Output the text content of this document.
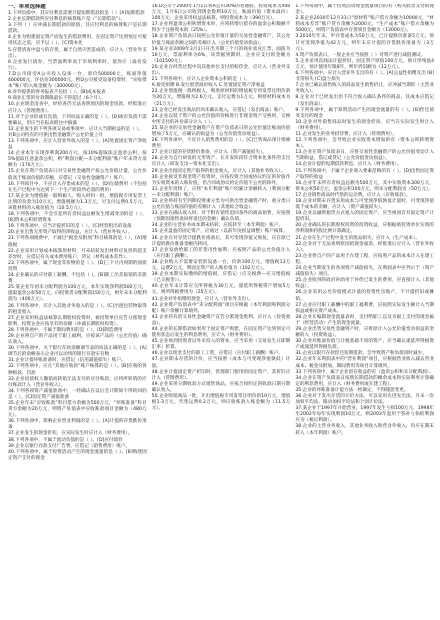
一、单项选择题

1.下列负债中，其应付利息需要计提短期借款的是（ ）[A]短期借款

2.企业长期借款所应付利息的核算账户是（“长期借款”）。

3.下列（ ）应冲减长期借款的原值，其应付利息的核算账户是长期借款。

4.企业为购建固定资产而发生的借款费用，在固定资产达到预定可使用状态之前，应予以（ ）。[C]资本化

5.存货清查中盘亏的存货，属于自然灾害造成的，应计入（营业外支出）。

6.企业发行债券，当票面利率高于市场利率时，债券应（溢价发行）。

7.D公司接受A公司投入设备一台，原价500000元，账面净值400000元，评估价300000元，则D公司接受设备投资时，“实收资本”账户的入账金额为（300000元）。

8.对外提供的财务报表不包括（ ）。[B]成本报表

9.商业汇票的付款期限最长不得超过（6个月）。

10.企业现金清查中，经检查仍无法查明原因的现金短款，经批准后应计入（管理费用）。

11.对于企业的或有负债，下列说法正确的是（ ）。[D]或有负债不需要确认，但应当在报表附注中披露

12.企业发生的下列各项交易或事项中，应计入当期损益的是（ ）。

对B公司持有的可供出售金融资产公允价值上升

13.下列各项中，应计入营业外收入的是（ ）。[A]处置固定资产净收益

14.企业本年实现净利润200万元，按10%提取法定盈余公积，按5%提取任意盈余公积，则“利润分配—未分配利润”账户年末贷方余额为（170万元）。

15.企业在资产负债表日对交易性金融资产按公允价值计量，公允价值高于账面价值的差额，应借记（交易性金融资产）账户。

16.下列项目中，不应计入存货成本的是（ ）。[D]仓储费用（不包括在生产过程中为达到下一个生产阶段所必需的费用）

17.某企业为增值税一般纳税人，购入材料一批，增值税专用发票上注明的价款为10万元，增值税额为1.3万元，另支付运费0.5万元，该批材料的入账价值为（10.5万元）。

18.下列各项中，不会引起所有者权益总额发生增减变动的是（ ）。[B]资本公积转增资本

19.下列各项中，应当计提折旧的是（ ）。[C]经营租出的设备

20.企业出售无形资产取得的净收益，应计入（营业外收入）。

21.下列各项税费中，不通过“税金及附加”科目核算的是（ ）。[A]增值税

22.企业采用计划成本核算原材料，月末结转发出材料应负担的超支差异时，应借记有关成本费用账户，贷记（材料成本差异）。

23.下列各项中，属于现金等价物的是（ ）。[D]三个月内到期的国债投资

24.企业确认的应付职工薪酬，不包括（ ）。[B]职工出差报销的差旅费

25.某企业年初未分配利润为100万元，本年实现净利润500万元，提取盈余公积50万元，向投资者分配利润150万元，则年末未分配利润为（400万元）。

26.下列各项中，应计入其他业务收入的是（ ）。[C]出租包装物取得的租金收入

27.企业采用权益法核算长期股权投资时，被投资单位宣告分派现金股利，投资企业应按享有的份额（冲减长期股权投资）。

28.下列各项中，不属于期间费用的是（ ）。[D]制造费用

29.企业将自产的产品用于职工福利，应按该产品的（公允价值）确认收入。

30.下列各项中，关于银行存款余额调节表的说法正确的是（ ）。[A]调节后的余额表示企业可以动用的银行存款实有数

31.企业计提坏账准备时，应借记（信用减值损失）账户。

32.下列各项中，应在“其他应收款”账户核算的是（ ）。[B]应收的各种赔款、罚款

33.企业因债权人撤销而转销无法支付的应付账款，应将所转销的应付账款计入（营业外收入）。

34.下列各项资产减值准备中，一经确认在以后会计期间不得转回的是（ ）。[C]固定资产减值准备

35.企业年末“应收账款”科目借方余额为500万元，“坏账准备”科目贷方余额为20万元，则资产负债表中应收账款项目金额为（480万元）。

36.下列各项中，影响企业营业利润的是（ ）。[A]计提的存货跌价准备

37.企业发生的现金折扣，在实际发生时应计入（财务费用）。

38.下列各项中，不属于流动负债的是（ ）。[D]应付债券

39.企业以银行存款支付广告费，应借记（销售费用）账户。

40.下列各项中，属于投资活动产生的现金流量的是（ ）。[B]购建固定资产支付的现金

16.D公司于2000年1月1日将A公司30%的普通股，投资成本为400万元，1月6日公司收到现金股利10万元，账面价值（资本溢价）100万元，企业采用权益法核算，则投资成本为（390万元）。

17.企业将盈余公积转增资本时，应将转增后留存的盈余公积数额不得少于注册资本的（25%）。

18.企业资产负债表日按照公允价值计量的交易性金融资产，其公允价值与账面余额之间的差额计入（公允价值变动损益）。

19.某企业2009年3月1日开出为期三个月的商业承兑汇票，面值为10万元，票面利率为6%，该票据到期时，企业应支付的金额为（101500元）。

20.企业在经营过程中向其他单位支付的赔偿金，应计入（营业外支出）。

21.下列各项中，应计入企业资本公积的是（ ）。

A.接受捐赠 B.发行股票溢价收入 C.处置固定资产净收益

22.企业增值税一般纳税人，购进原材料的增值税专用发票注明价款为20万元，增值税为2.6万元，支付运费为1万元，则原材料成本为（21万元）。

23.企业已经发出商品但尚未确认收入，应借记（发出商品）账户。

24.企业以低于资产的公允价值的价格进行非现金资产交换时，交换中所支付的补价部分计入（ ）。

25.某企业的交易性金融资产在资产负债表日的公允价值比账面价值增加了5万元，应确认的损益为（公允价值变动收益）。

26.下列各项中，不应计入销售费用的是（ ）。[C]已售商品预计保修费用

27.企业计提的存货跌价准备，应计入（资产减值损失）。

28.企业为自行研发的无形资产，在开发阶段符合资本化条件的支出应计入（研发支出—资本化支出）。

29.企业出租固定资产取得的租金收入，应计入（其他业务收入）。

30.企业接受非现金资产投资时，应按投资合同或协议约定的价值作为实收资本的入账价值，但合同或协议约定价值不公允的除外。

31.企业年度终了，应将“本年利润”账户的累计余额转入（利润分配—未分配利润）账户。

32.企业将持有至到期投资重分类为可供出售金融资产时，重分类日公允价值与账面价值的差额计入（其他综合收益）。

33.企业在确认收入时，对于附有销售退回条件的商品销售，应按照（预期因销售退回将退还的金额）确认负债。

34.企业的主营业务成本期末结转，应结转至（本年利润）账户。

35.企业盘盈的固定资产，应通过（以前年度损益调整）账户核算。

36.企业在对存货计提跌价准备后，其可变现净值又恢复，应在原已计提的跌价准备金额内转回。

37.企业发放给职工的非货币性福利，应按照产品的公允价值计入（应付职工薪酬）。

38.企业购入不需要安装的设备一台，价款100万元，增值税13万元，运费2万元，则固定资产的入账价值为（102万元）。

39.企业本期实际缴纳的增值税，应借记（应交税费—应交增值税（已交税金））。

40.企业年末计算应交所得税为30万元，递延所得税资产增加5万元，则所得税费用为（25万元）。

41.企业对外捐赠的现金，应计入（营业外支出）。

42.企业资产负债表中“未分配利润”项目应根据（本年利润和利润分配）账户余额计算填列。

43.企业持有的交易性金融资产宣告分派现金股利，应计入（投资收益）。

44.企业的长期借款如果用于固定资产购建，在固定资产达到预定可使用状态后发生的利息费用，应计入（财务费用）。

45.企业收到投资者以外币投入的资本，应当采用（交易发生日即期汇率）折算。

46.企业以现金支付的职工工资，应借记（应付职工薪酬）账户。

47.企业期末存货的计价，应当按照（成本与可变现净值孰低）计量。

48.企业计提固定资产折旧时，管理部门使用的固定资产，其折旧应计入（管理费用）。

49.企业采用分期收款方式销售商品，应按合同约定的收款日期分期确认收入。

50.企业赊销商品一批，开出增值税专用发票注明价款10万元，增值税1.3万元，代垫运费0.2万元，则应收账款入账金额为（11.5万元）。

1.下列每项中，属于投资活动现金流量项目的有（购买股票支付的现金）。

2.某企业2010年12月31日“原材料”账户借方余额为10000元，“材料成本差异”账户贷方余额为2000元，“生产成本”账户借方余额为5000元，则资产负债表中存货项目金额为（13000元）。

3.2010年年末，甲存货成本为50万元，已计提跌价准备5万元，预计可变现净值为42万元，则年末应计提的存货跌价准备为（3万元）。

4.资产负债表日，一般企业应当按照（ ）对资产进行减值测试。

5.企业采用直线法计提折旧，固定资产原值100万元，预计净残值4万元，预计使用年限8年，则年折旧额为（12万元）。

6.下列各项中，应计入营业外支出的有（ ）。[A]公益性捐赠支出 [B]非常损失 [C]盘亏损失

7.企业已确认销售收入的商品发生销售折让，应冲减当期的（主营业务收入）。

8.企业对于已经发出但不符合收入确认条件的商品，其成本应借记（发出商品）。

9.下列各项中，属于筹资活动产生的现金流量的有（ ）。[B]偿还债务支付的现金

10.企业对外销售商品时发生的现金折扣，应当在实际发生时计入（财务费用）。

11.企业发生的业务招待费，应计入（管理费用）。

12.下列各项中，会导致企业实收资本增加的有（资本公积转增资本）。

13.企业在资产负债表日，应将交易性金融资产的公允价值变动计入当期损益，借记或贷记（公允价值变动损益）。

14.企业计提的短期借款利息，应计入（财务费用）。

15.下列各项中，不属于企业收入要素范畴的有（ ）。[D]出售固定资产取得的收益

16.企业年末所有者权益总额为500万元，其中实收资本300万元，资本公积50万元，盈余公积100万元，则未分配利润为（50万元）。

17.企业销售商品时代垫的运杂费，应计入（应收账款）。

18.企业对期末存货采用成本与可变现净值孰低计量时，可变现净值低于成本的差额，应计入（资产减值损失）。

19.企业以融资租赁方式租入的固定资产，应当视同自有固定资产计提折旧。

20.企业确认的长期股权投资的投资收益，应根据被投资单位实现的净利润和持股比例计算确定。

21.企业在生产过程中发生的废品损失，应计入（生产成本）。

22.企业对于无法查明原因的现金溢余，经批准后应计入（营业外收入）。

23.企业将自产的产品用于在建工程，应按照产品的成本计入在建工程。

24.企业当期发生的各项资产减值损失，在利润表中应列示于（资产减值损失）项目。

25.企业收到的政府补助用于补偿已发生的费用，应直接计入（其他收益）。

26.企业采用公允价值模式计量的投资性房地产，不计提折旧或摊销。

27.企业应付职工薪酬中的职工福利费，应按照实际发生额计入当期损益或相关资产成本。

28.企业在编制现金流量表时，支付给职工以及为职工支付的现金属于（经营活动）产生的现金流量。

29.企业出售交易性金融资产时，应将原计入公允价值变动损益的金额转入（投资收益）。

30.企业对账面价值与计税基础不同的资产，应当确认递延所得税资产或递延所得税负债。

31.企业以银行存款偿还短期借款，会导致资产和负债同时减少。

32.企业年末利润表中的“营业利润”项目，应根据营业收入减去营业成本、税金及附加、期间费用等项目计算填列。

33.下列各项中，属于企业留存收益的有（盈余公积和未分配利润）。

34.企业在资产负债表日按照长期借款的摊余成本和实际利率计算确定的利息费用，应计入（财务费用或在建工程）。

35.企业的坏账准备计提方法一经确定，不得随意变更。

36.企业对于发出存货的计价方法，可以采用先进先出法、月末一次加权平均法、移动加权平均法和个别计价法。

37.某企业于1997年开始营业，1997年发生亏损100万元，1998年至2002年每年实现利润10万元，则2003年起用于弥补亏损的利润应为（税后利润）。

38.企业的主营业务收入、其他业务收入和营业外收入，均应在期末转入（本年利润）账户。
